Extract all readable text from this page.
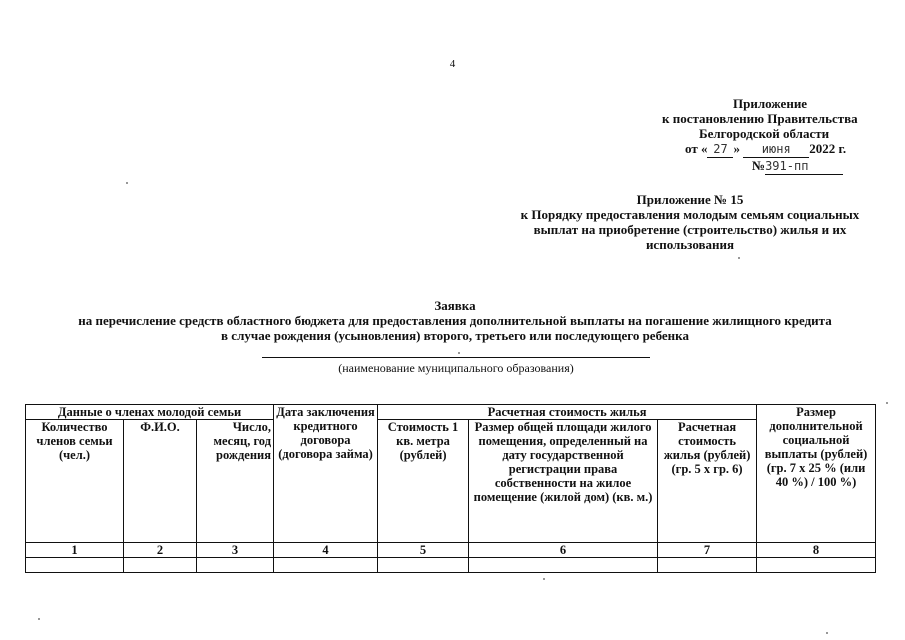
4
Приложение
к постановлению Правительства
Белгородской области
от « 27 » июня 2022 г.
№391-пп
Приложение № 15
к Порядку предоставления молодым семьям социальных
выплат на приобретение (строительство) жилья и их
использования
Заявка
на перечисление средств областного бюджета для предоставления дополнительной выплаты на погашение жилищного кредита
в случае рождения (усыновления) второго, третьего или последующего ребенка
(наименование муниципального образования)
Данные о членах молодой семьи			Дата заключения кредитного договора (договора займа)	Расчетная стоимость жилья			Размер дополнительной социальной выплаты (рублей) (гр. 7 х 25 % (или 40 %) / 100 %)
Количество членов семьи (чел.)	Ф.И.О.	Число, месяц, год рождения		Стоимость 1 кв. метра (рублей)	Размер общей площади жилого помещения, определенный на дату государственной регистрации права собственности на жилое помещение (жилой дом) (кв. м.)	Расчетная стоимость жилья (рублей) (гр. 5 х гр. 6)	
1	2	3	4	5	6	7	8
